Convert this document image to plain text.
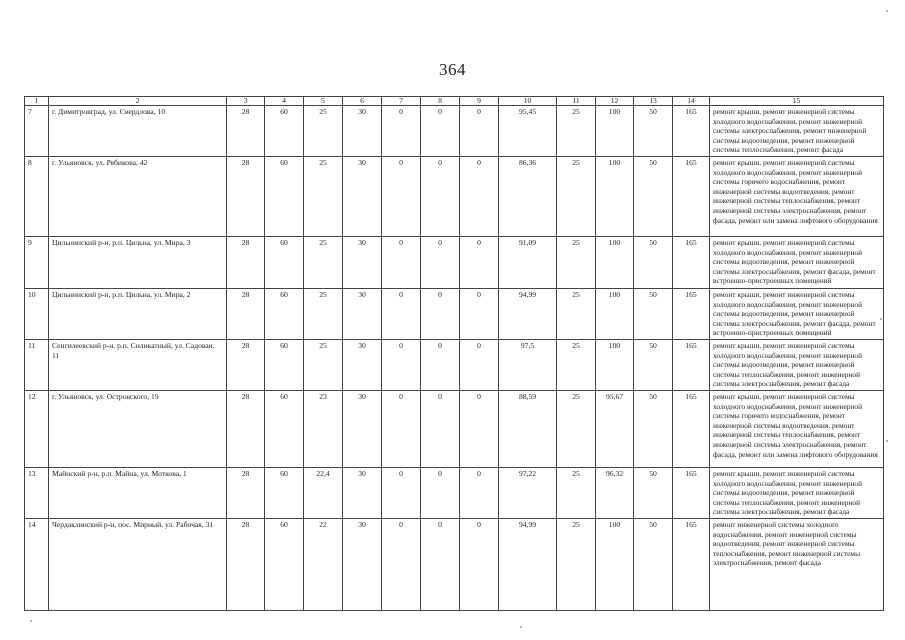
364
1	2	3	4	5	6	7	8	9	10	11	12	13	14	15
7	г. Димитровград, ул. Свердлова, 10	28	60	25	30	0	0	0	95,45	25	100	50	165	ремонт крыши, ремонт инженерной системы холодного водоснабжения, ремонт инженерной системы электроснабжения, ремонт инженерной системы водоотведения, ремонт инженерной системы теплоснабжения, ремонт фасада
8	г. Ульяновск, ул. Рябикова, 42	28	60	25	30	0	0	0	86,36	25	100	50	165	ремонт крыши, ремонт инженерной системы холодного водоснабжения, ремонт инженерной системы горячего водоснабжения, ремонт инженерной системы водоотведения, ремонт инженерной системы теплоснабжения, ремонт инженерной системы электроснабжения, ремонт фасада, ремонт или замена лифтового оборудования
9	Цильнинский р-н, р.п. Цильна, ул. Мира, 3	28	60	25	30	0	0	0	91,09	25	100	50	165	ремонт крыши, ремонт инженерной системы холодного водоснабжения, ремонт инженерной системы водоотведения, ремонт инженерной системы электроснабжения, ремонт фасада, ремонт встроенно-пристроенных помещений
10	Цильнинский р-н, р.п. Цильна, ул. Мира, 2	28	60	25	30	0	0	0	94,99	25	100	50	165	ремонт крыши, ремонт инженерной системы холодного водоснабжения, ремонт инженерной системы водоотведения, ремонт инженерной системы электроснабжения, ремонт фасада, ремонт встроенно-пристроенных помещений
11	Сенгилеевский р-н, р.п. Силикатный, ул. Садовая, 11	28	60	25	30	0	0	0	97,5	25	100	50	165	ремонт крыши, ремонт инженерной системы холодного водоснабжения, ремонт инженерной системы водоотведения, ремонт инженерной системы теплоснабжения, ремонт инженерной системы электроснабжения, ремонт фасада
12	г. Ульяновск, ул. Островского, 19	28	60	23	30	0	0	0	88,59	25	95,67	50	165	ремонт крыши, ремонт инженерной системы холодного водоснабжения, ремонт инженерной системы горячего водоснабжения, ремонт инженерной системы водоотведения, ремонт инженерной системы теплоснабжения, ремонт инженерной системы электроснабжения, ремонт фасада, ремонт или замена лифтового оборудования
13	Майнский р-н, р.п. Майна, ул. Моткова, 1	28	60	22,4	30	0	0	0	97,22	25	96,32	50	165	ремонт крыши, ремонт инженерной системы холодного водоснабжения, ремонт инженерной системы водоотведения, ремонт инженерной системы теплоснабжения, ремонт инженерной системы электроснабжения, ремонт фасада
14	Чердаклинский р-н, пос. Мирный, ул. Рабочая, 31	28	60	22	30	0	0	0	94,99	25	100	50	165	ремонт инженерной системы холодного водоснабжения, ремонт инженерной системы водоотведения, ремонт инженерной системы теплоснабжения, ремонт инженерной системы электроснабжения, ремонт фасада
